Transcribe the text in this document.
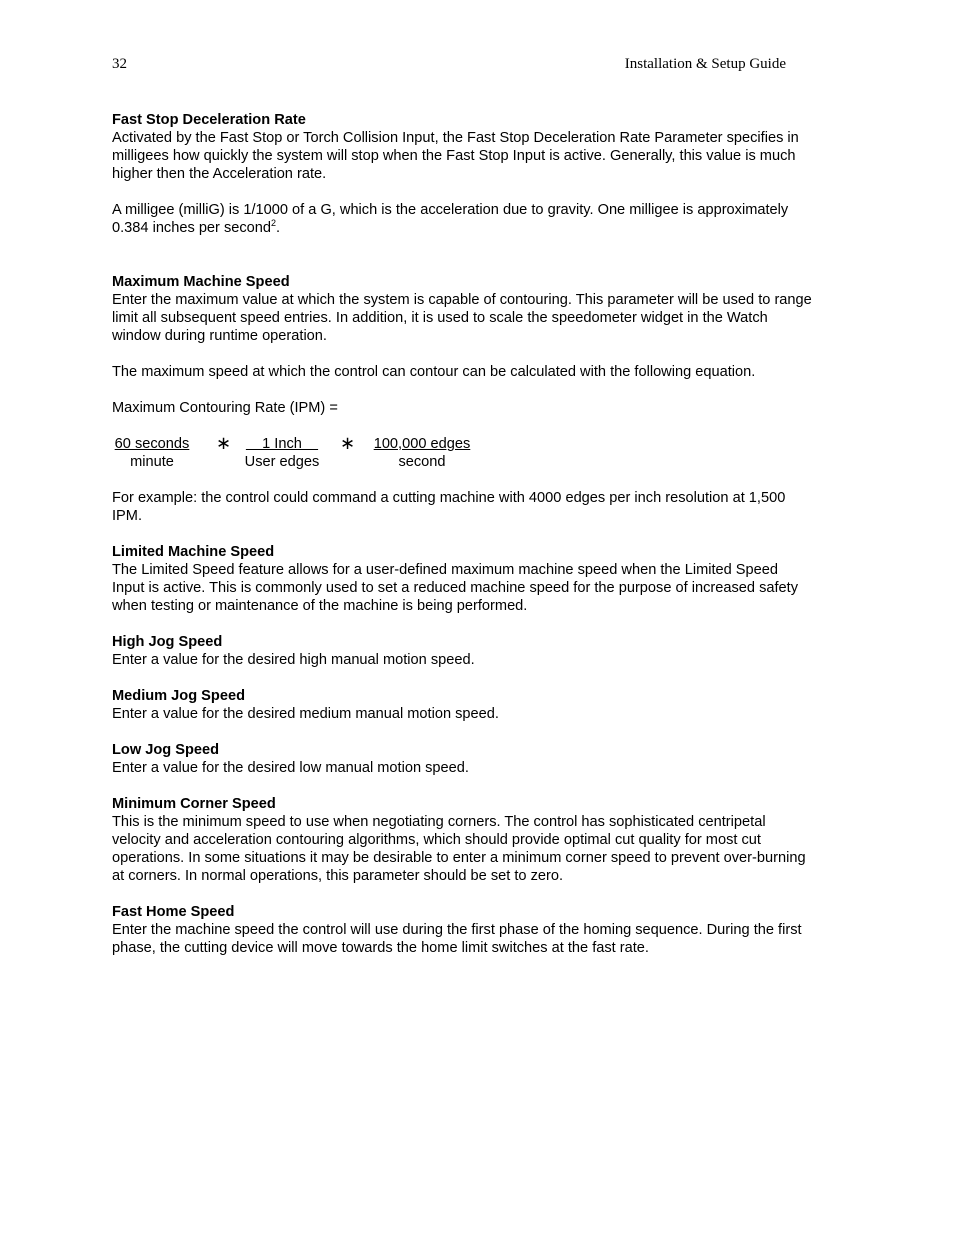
32	Installation & Setup Guide
Fast Stop Deceleration Rate

Activated by the Fast Stop or Torch Collision Input, the Fast Stop Deceleration Rate Parameter specifies in milligees how quickly the system will stop when the Fast Stop Input is active. Generally, this value is much higher then the Acceleration rate.

A milligee (milliG) is 1/1000 of a G, which is the acceleration due to gravity. One milligee is approximately 0.384 inches per second$^2$.

Maximum Machine Speed

Enter the maximum value at which the system is capable of contouring. This parameter will be used to range limit all subsequent speed entries. In addition, it is used to scale the speedometer widget in the Watch window during runtime operation.

The maximum speed at which the control can contour can be calculated with the following equation.

Maximum Contouring Rate (IPM) =

60 seconds
minute
∗	1 Inch
User edges
∗ 100,000 edges
second

For example: the control could command a cutting machine with 4000 edges per inch resolution at 1,500 IPM.

Limited Machine Speed

The Limited Speed feature allows for a user-defined maximum machine speed when the Limited Speed Input is active. This is commonly used to set a reduced machine speed for the purpose of increased safety when testing or maintenance of the machine is being performed.

High Jog Speed

Enter a value for the desired high manual motion speed.

Medium Jog Speed

Enter a value for the desired medium manual motion speed.

Low Jog Speed

Enter a value for the desired low manual motion speed.

Minimum Corner Speed

This is the minimum speed to use when negotiating corners. The control has sophisticated centripetal velocity and acceleration contouring algorithms, which should provide optimal cut quality for most cut operations. In some situations it may be desirable to enter a minimum corner speed to prevent over-burning at corners. In normal operations, this parameter should be set to zero.

Fast Home Speed

Enter the machine speed the control will use during the first phase of the homing sequence. During the first phase, the cutting device will move towards the home limit switches at the fast rate.
